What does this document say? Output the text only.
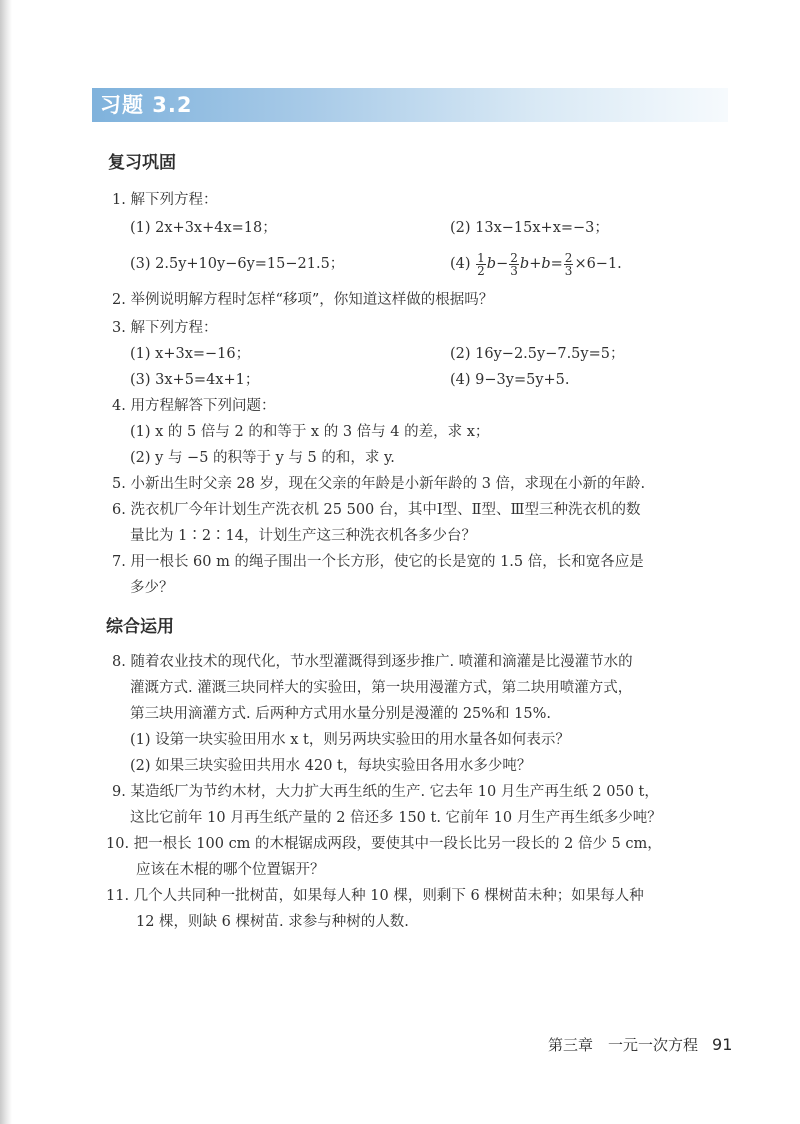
习题 3.2
复习巩固
1. 解下列方程：
(1) 2x+3x+4x=18；	(2) 13x−15x+x=−3；
(3) 2.5y+10y−6y=15−21.5；	$(4) \frac{1}{2} b- \frac{2}{3} b+b= \frac{2}{3} \times 6-1$.
2. 举例说明解方程时怎样“移项”，你知道这样做的根据吗？
3. 解下列方程：
(1) x+3x=−16；	(2) 16y−2.5y−7.5y=5；
(3) 3x+5=4x+1；	(4) 9−3y=5y+5.
4. 用方程解答下列问题：
(1) x 的 5 倍与 2 的和等于 x 的 3 倍与 4 的差，求 x；
(2) y 与 −5 的积等于 y 与 5 的和，求 y.
5. 小新出生时父亲 28 岁，现在父亲的年龄是小新年龄的 3 倍，求现在小新的年龄.
6. 洗衣机厂今年计划生产洗衣机 25 500 台，其中Ⅰ型、Ⅱ型、Ⅲ型三种洗衣机的数
量比为 1∶2∶14，计划生产这三种洗衣机各多少台？
7. 用一根长 60 m 的绳子围出一个长方形，使它的长是宽的 1.5 倍，长和宽各应是
多少？
综合运用
8. 随着农业技术的现代化，节水型灌溉得到逐步推广. 喷灌和滴灌是比漫灌节水的
灌溉方式. 灌溉三块同样大的实验田，第一块用漫灌方式，第二块用喷灌方式，
第三块用滴灌方式. 后两种方式用水量分别是漫灌的 25%和 15%.
(1) 设第一块实验田用水 x t，则另两块实验田的用水量各如何表示？
(2) 如果三块实验田共用水 420 t，每块实验田各用水多少吨？
9. 某造纸厂为节约木材，大力扩大再生纸的生产. 它去年 10 月生产再生纸 2 050 t，
这比它前年 10 月再生纸产量的 2 倍还多 150 t. 它前年 10 月生产再生纸多少吨？
10. 把一根长 100 cm 的木棍锯成两段，要使其中一段长比另一段长的 2 倍少 5 cm，
应该在木棍的哪个位置锯开？
11. 几个人共同种一批树苗，如果每人种 10 棵，则剩下 6 棵树苗未种；如果每人种
12 棵，则缺 6 棵树苗. 求参与种树的人数.
第三章　一元一次方程 91
